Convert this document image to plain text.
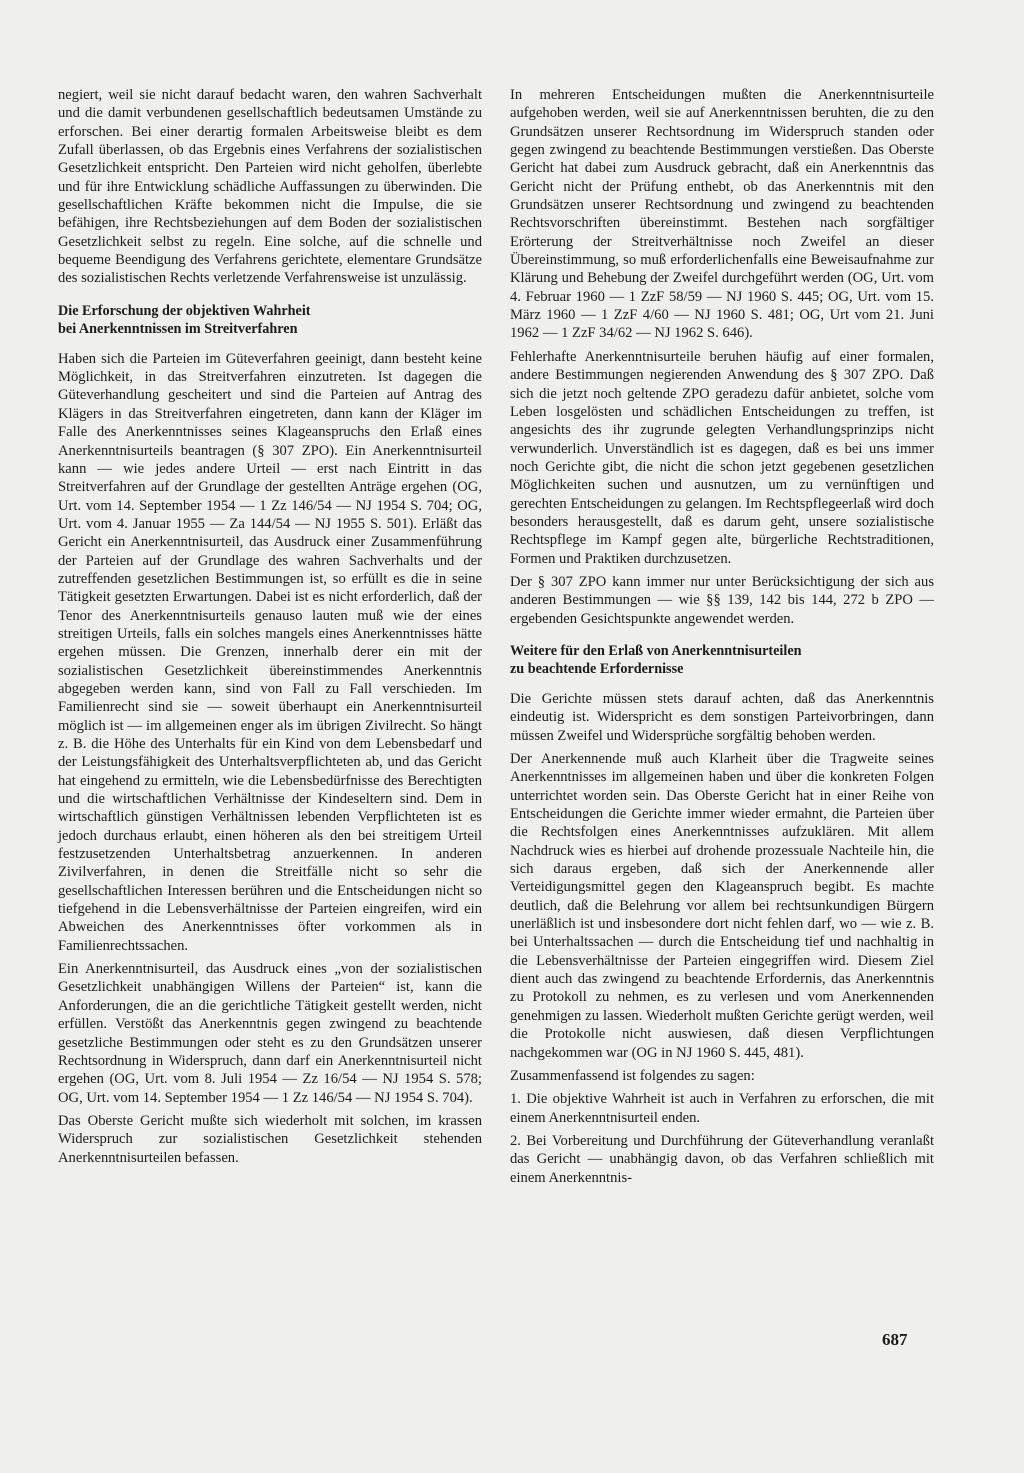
negiert, weil sie nicht darauf bedacht waren, den wahren Sachverhalt und die damit verbundenen gesellschaftlich bedeutsamen Umstände zu erforschen. Bei einer derartig formalen Arbeitsweise bleibt es dem Zufall überlassen, ob das Ergebnis eines Verfahrens der sozialistischen Gesetzlichkeit entspricht. Den Parteien wird nicht geholfen, überlebte und für ihre Entwicklung schädliche Auffassungen zu überwinden. Die gesellschaftlichen Kräfte bekommen nicht die Impulse, die sie befähigen, ihre Rechtsbeziehungen auf dem Boden der sozialistischen Gesetzlichkeit selbst zu regeln. Eine solche, auf die schnelle und bequeme Beendigung des Verfahrens gerichtete, elementare Grundsätze des sozialistischen Rechts verletzende Verfahrensweise ist unzulässig.

Die Erforschung der objektiven Wahrheit
bei Anerkenntnissen im Streitverfahren

Haben sich die Parteien im Güteverfahren geeinigt, dann besteht keine Möglichkeit, in das Streitverfahren einzutreten. Ist dagegen die Güteverhandlung gescheitert und sind die Parteien auf Antrag des Klägers in das Streitverfahren eingetreten, dann kann der Kläger im Falle des Anerkenntnisses seines Klageanspruchs den Erlaß eines Anerkenntnisurteils beantragen (§ 307 ZPO). Ein Anerkenntnisurteil kann — wie jedes andere Urteil — erst nach Eintritt in das Streitverfahren auf der Grundlage der gestellten Anträge ergehen (OG, Urt. vom 14. September 1954 — 1 Zz 146/54 — NJ 1954 S. 704; OG, Urt. vom 4. Januar 1955 — Za 144/54 — NJ 1955 S. 501). Erläßt das Gericht ein Anerkenntnisurteil, das Ausdruck einer Zusammenführung der Parteien auf der Grundlage des wahren Sachverhalts und der zutreffenden gesetzlichen Bestimmungen ist, so erfüllt es die in seine Tätigkeit gesetzten Erwartungen. Dabei ist es nicht erforderlich, daß der Tenor des Anerkenntnisurteils genauso lauten muß wie der eines streitigen Urteils, falls ein solches mangels eines Anerkenntnisses hätte ergehen müssen. Die Grenzen, innerhalb derer ein mit der sozialistischen Gesetzlichkeit übereinstimmendes Anerkenntnis abgegeben werden kann, sind von Fall zu Fall verschieden. Im Familienrecht sind sie — soweit überhaupt ein Anerkenntnisurteil möglich ist — im allgemeinen enger als im übrigen Zivilrecht. So hängt z. B. die Höhe des Unterhalts für ein Kind von dem Lebensbedarf und der Leistungsfähigkeit des Unterhaltsverpflichteten ab, und das Gericht hat eingehend zu ermitteln, wie die Lebensbedürfnisse des Berechtigten und die wirtschaftlichen Verhältnisse der Kindeseltern sind. Dem in wirtschaftlich günstigen Verhältnissen lebenden Verpflichteten ist es jedoch durchaus erlaubt, einen höheren als den bei streitigem Urteil festzusetzenden Unterhaltsbetrag anzuerkennen. In anderen Zivilverfahren, in denen die Streitfälle nicht so sehr die gesellschaftlichen Interessen berühren und die Entscheidungen nicht so tiefgehend in die Lebensverhältnisse der Parteien eingreifen, wird ein Abweichen des Anerkenntnisses öfter vorkommen als in Familienrechtssachen.

Ein Anerkenntnisurteil, das Ausdruck eines „von der sozialistischen Gesetzlichkeit unabhängigen Willens der Parteien“ ist, kann die Anforderungen, die an die gerichtliche Tätigkeit gestellt werden, nicht erfüllen. Verstößt das Anerkenntnis gegen zwingend zu beachtende gesetzliche Bestimmungen oder steht es zu den Grundsätzen unserer Rechtsordnung in Widerspruch, dann darf ein Anerkenntnisurteil nicht ergehen (OG, Urt. vom 8. Juli 1954 — Zz 16/54 — NJ 1954 S. 578; OG, Urt. vom 14. September 1954 — 1 Zz 146/54 — NJ 1954 S. 704).

Das Oberste Gericht mußte sich wiederholt mit solchen, im krassen Widerspruch zur sozialistischen Gesetzlichkeit stehenden Anerkenntnisurteilen befassen.

In mehreren Entscheidungen mußten die Anerkenntnisurteile aufgehoben werden, weil sie auf Anerkenntnissen beruhten, die zu den Grundsätzen unserer Rechtsordnung im Widerspruch standen oder gegen zwingend zu beachtende Bestimmungen verstießen. Das Oberste Gericht hat dabei zum Ausdruck gebracht, daß ein Anerkenntnis das Gericht nicht der Prüfung enthebt, ob das Anerkenntnis mit den Grundsätzen unserer Rechtsordnung und zwingend zu beachtenden Rechtsvorschriften übereinstimmt. Bestehen nach sorgfältiger Erörterung der Streitverhältnisse noch Zweifel an dieser Übereinstimmung, so muß erforderlichenfalls eine Beweisaufnahme zur Klärung und Behebung der Zweifel durchgeführt werden (OG, Urt. vom 4. Februar 1960 — 1 ZzF 58/59 — NJ 1960 S. 445; OG, Urt. vom 15. März 1960 — 1 ZzF 4/60 — NJ 1960 S. 481; OG, Urt vom 21. Juni 1962 — 1 ZzF 34/62 — NJ 1962 S. 646).

Fehlerhafte Anerkenntnisurteile beruhen häufig auf einer formalen, andere Bestimmungen negierenden Anwendung des § 307 ZPO. Daß sich die jetzt noch geltende ZPO geradezu dafür anbietet, solche vom Leben losgelösten und schädlichen Entscheidungen zu treffen, ist angesichts des ihr zugrunde gelegten Verhandlungsprinzips nicht verwunderlich. Unverständlich ist es dagegen, daß es bei uns immer noch Gerichte gibt, die nicht die schon jetzt gegebenen gesetzlichen Möglichkeiten suchen und ausnutzen, um zu vernünftigen und gerechten Entscheidungen zu gelangen. Im Rechtspflegeerlaß wird doch besonders herausgestellt, daß es darum geht, unsere sozialistische Rechtspflege im Kampf gegen alte, bürgerliche Rechtstraditionen, Formen und Praktiken durchzusetzen.

Der § 307 ZPO kann immer nur unter Berücksichtigung der sich aus anderen Bestimmungen — wie §§ 139, 142 bis 144, 272 b ZPO — ergebenden Gesichtspunkte angewendet werden.

Weitere für den Erlaß von Anerkenntnisurteilen
zu beachtende Erfordernisse

Die Gerichte müssen stets darauf achten, daß das Anerkenntnis eindeutig ist. Widerspricht es dem sonstigen Parteivorbringen, dann müssen Zweifel und Widersprüche sorgfältig behoben werden.

Der Anerkennende muß auch Klarheit über die Tragweite seines Anerkenntnisses im allgemeinen haben und über die konkreten Folgen unterrichtet worden sein. Das Oberste Gericht hat in einer Reihe von Entscheidungen die Gerichte immer wieder ermahnt, die Parteien über die Rechtsfolgen eines Anerkenntnisses aufzuklären. Mit allem Nachdruck wies es hierbei auf drohende prozessuale Nachteile hin, die sich daraus ergeben, daß sich der Anerkennende aller Verteidigungsmittel gegen den Klageanspruch begibt. Es machte deutlich, daß die Belehrung vor allem bei rechtsunkundigen Bürgern unerläßlich ist und insbesondere dort nicht fehlen darf, wo — wie z. B. bei Unterhaltssachen — durch die Entscheidung tief und nachhaltig in die Lebensverhältnisse der Parteien eingegriffen wird. Diesem Ziel dient auch das zwingend zu beachtende Erfordernis, das Anerkenntnis zu Protokoll zu nehmen, es zu verlesen und vom Anerkennenden genehmigen zu lassen. Wiederholt mußten Gerichte gerügt werden, weil die Protokolle nicht auswiesen, daß diesen Verpflichtungen nachgekommen war (OG in NJ 1960 S. 445, 481).

Zusammenfassend ist folgendes zu sagen:

1. Die objektive Wahrheit ist auch in Verfahren zu erforschen, die mit einem Anerkenntnisurteil enden.

2. Bei Vorbereitung und Durchführung der Güteverhandlung veranlaßt das Gericht — unabhängig davon, ob das Verfahren schließlich mit einem Anerkenntnis-

687
